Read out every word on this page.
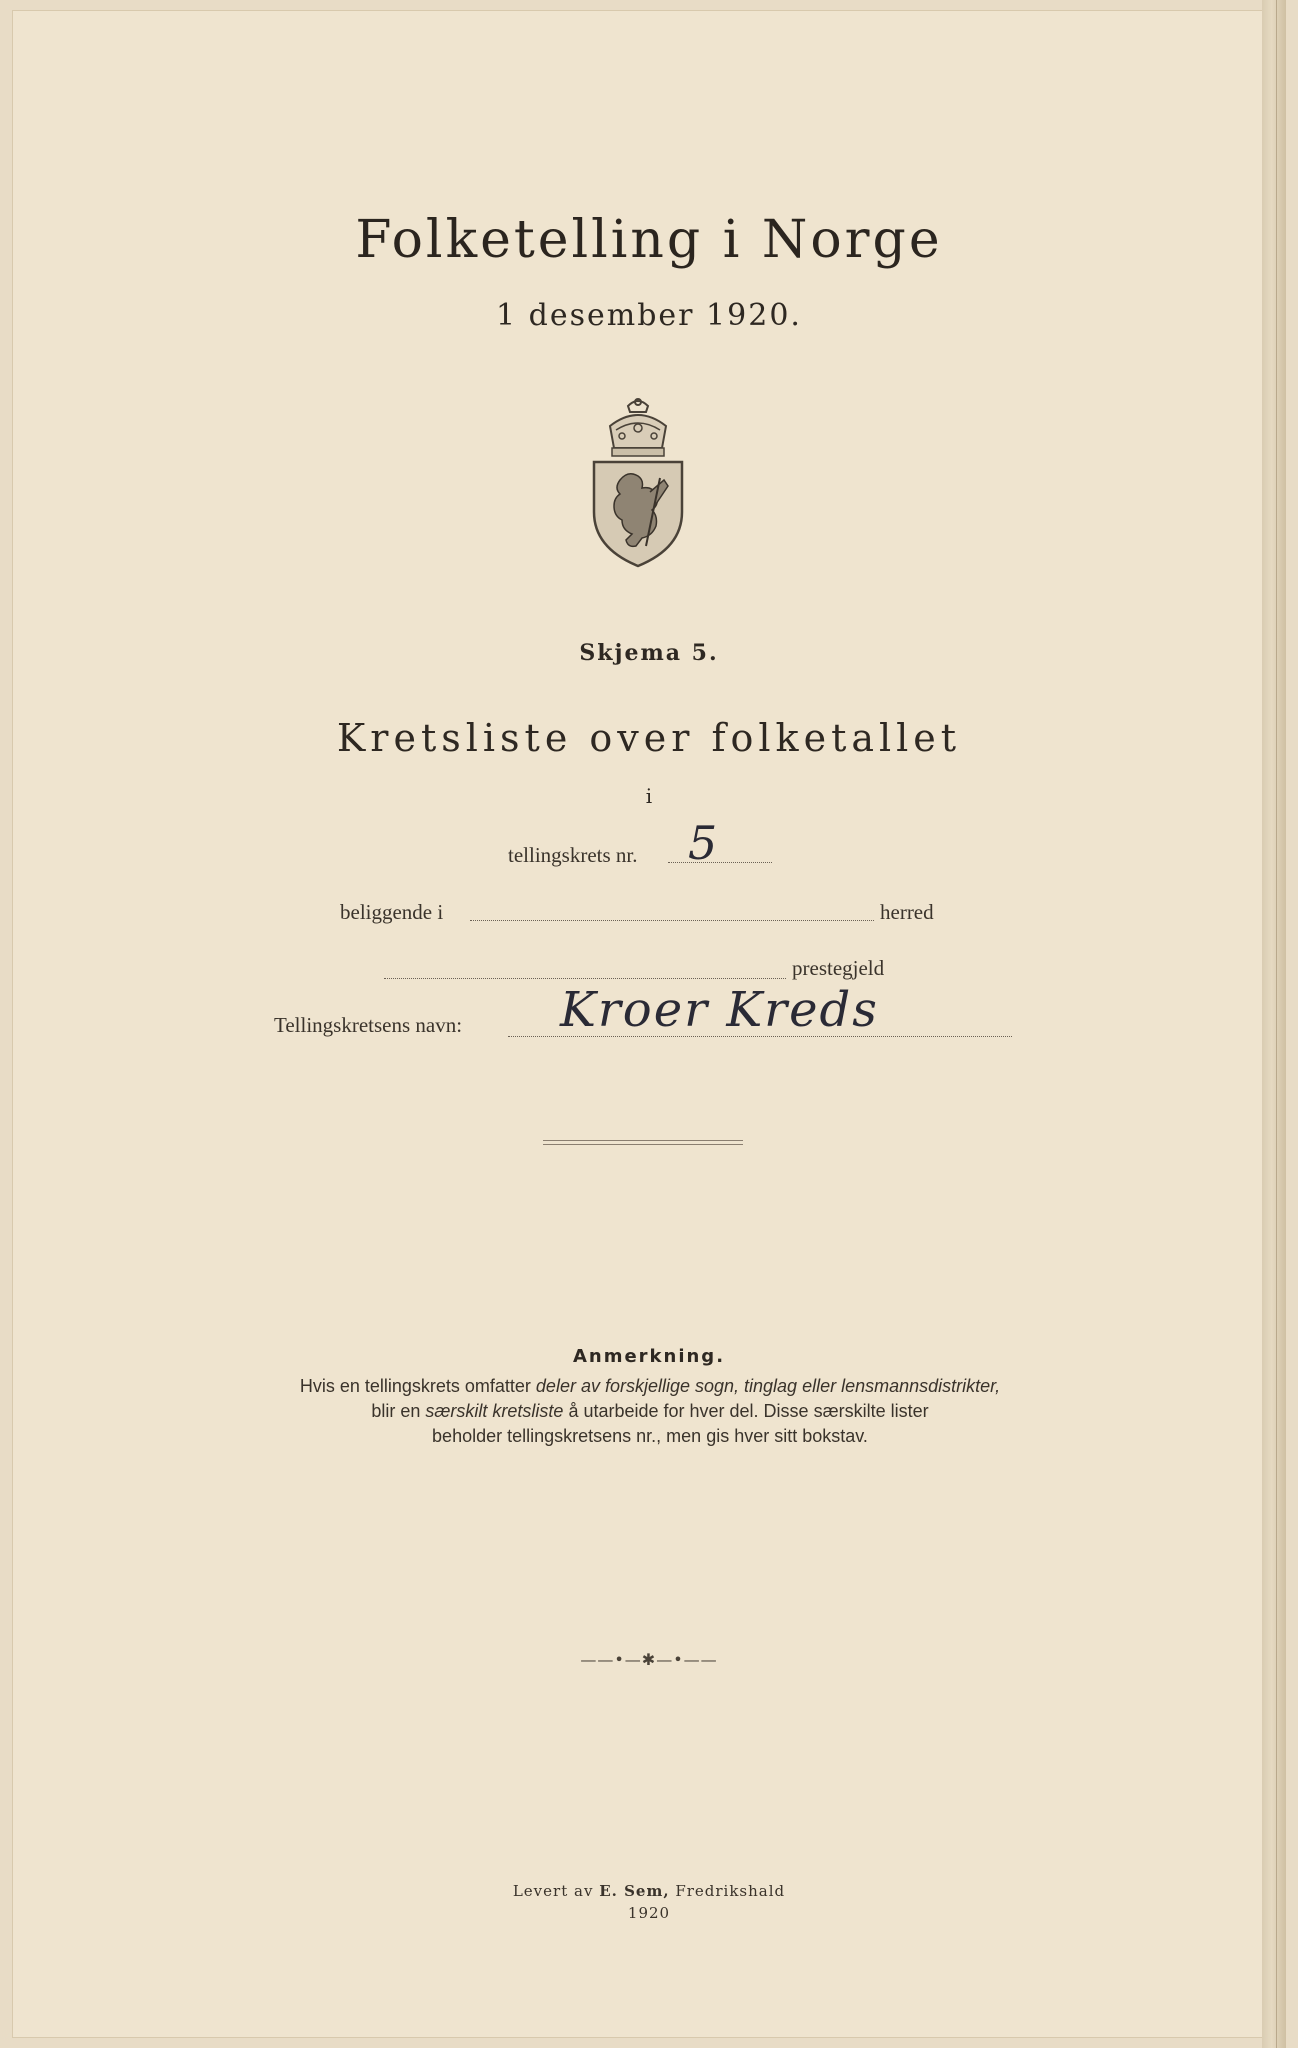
Folketelling i Norge
1 desember 1920.
Skjema 5.
Kretsliste over folketallet
i
tellingskrets nr. 5
beliggende i	herred
prestegjeld
Tellingskretsens navn: Kroer Kreds
Anmerkning.
Hvis en tellingskrets omfatter deler av forskjellige sogn, tinglag eller lensmannsdistrikter,
blir en særskilt kretsliste å utarbeide for hver del. Disse særskilte lister
beholder tellingskretsens nr., men gis hver sitt bokstav.
——•—✱—•——
Levert av E. Sem, Fredrikshald
1920
